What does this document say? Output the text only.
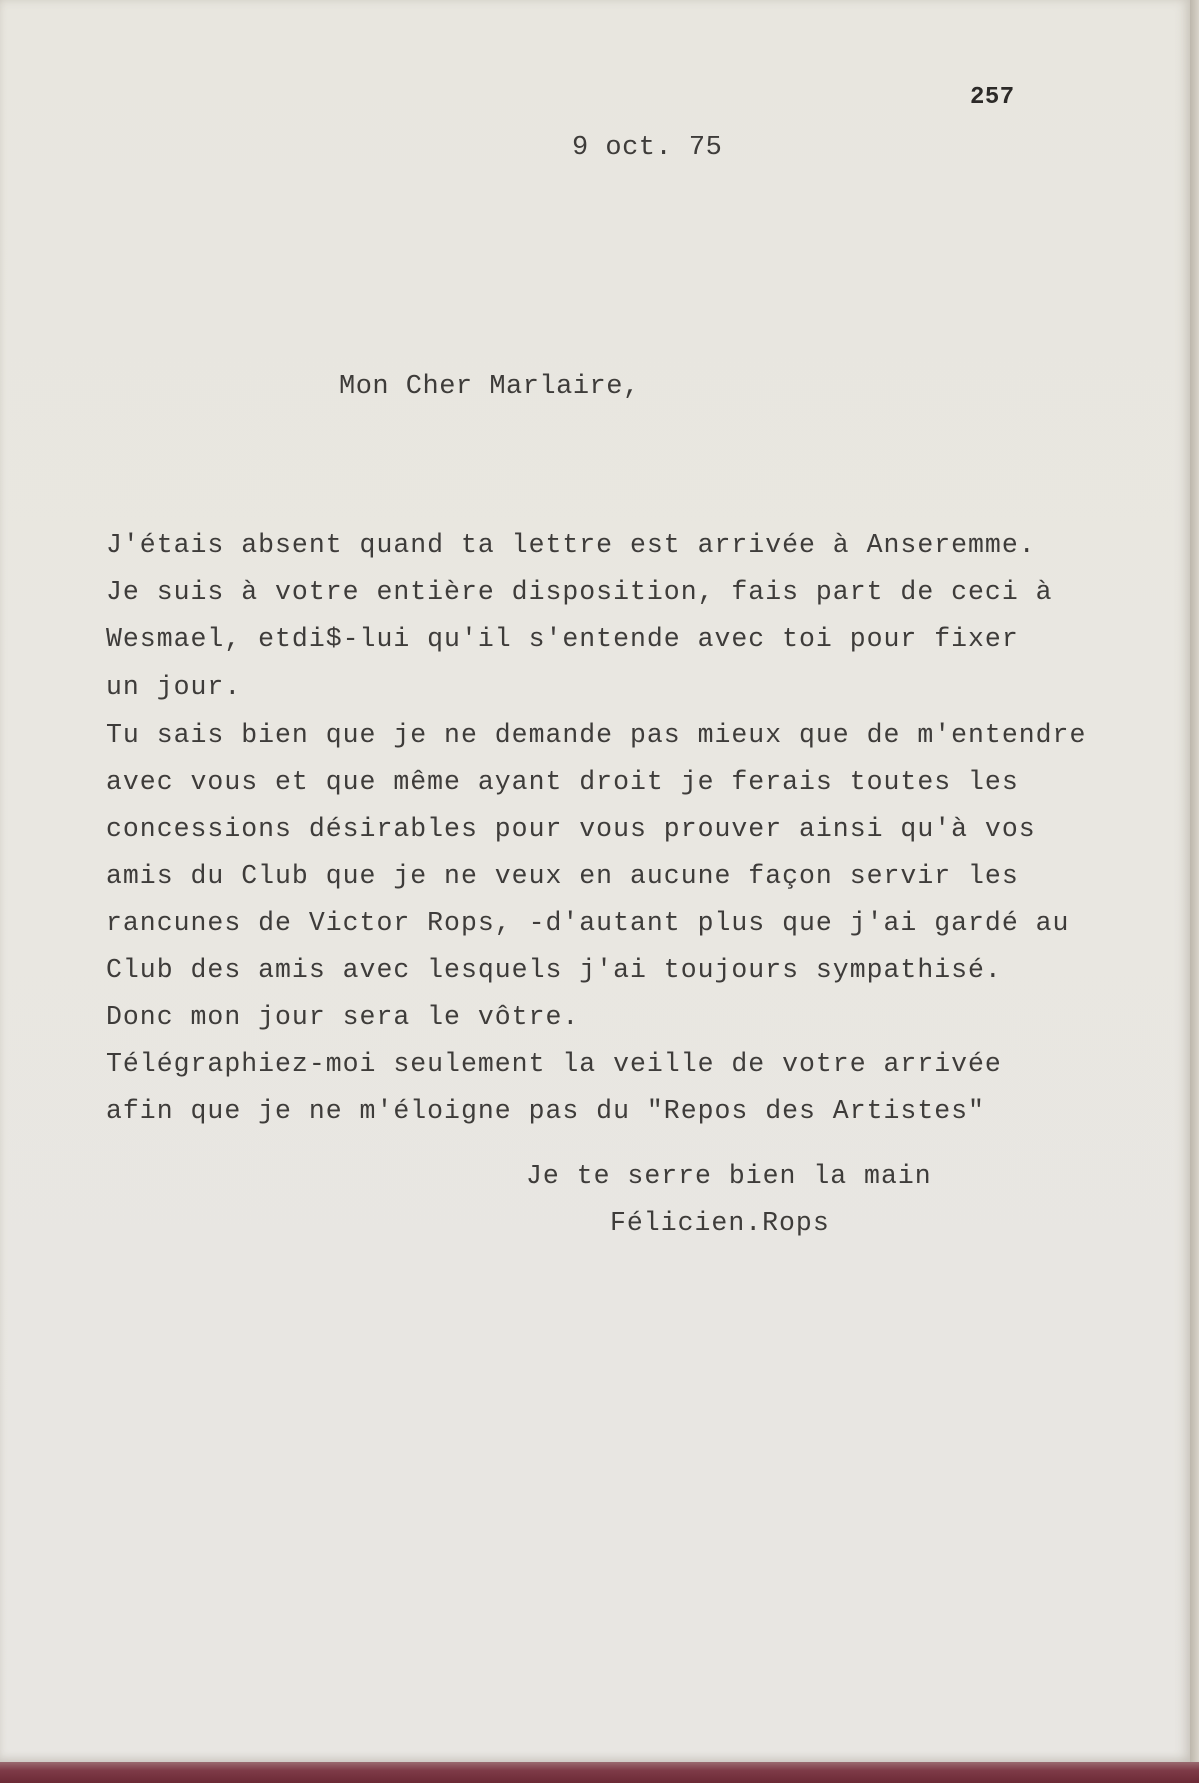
257
9 oct. 75
Mon Cher Marlaire,
J'étais absent quand ta lettre est arrivée à Anseremme.
Je suis à votre entière disposition, fais part de ceci à
Wesmael, etdi$-lui qu'il s'entende avec toi pour fixer
un jour.
Tu sais bien que je ne demande pas mieux que de m'entendre
avec vous et que même ayant droit je ferais toutes les
concessions désirables pour vous prouver ainsi qu'à vos
amis du Club que je ne veux en aucune façon servir les
rancunes de Victor Rops, -d'autant plus que j'ai gardé au
Club des amis avec lesquels j'ai toujours sympathisé.
Donc mon jour sera le vôtre.
Télégraphiez-moi seulement la veille de votre arrivée
afin que je ne m'éloigne pas du "Repos des Artistes"
Je te serre bien la main
Félicien.Rops
